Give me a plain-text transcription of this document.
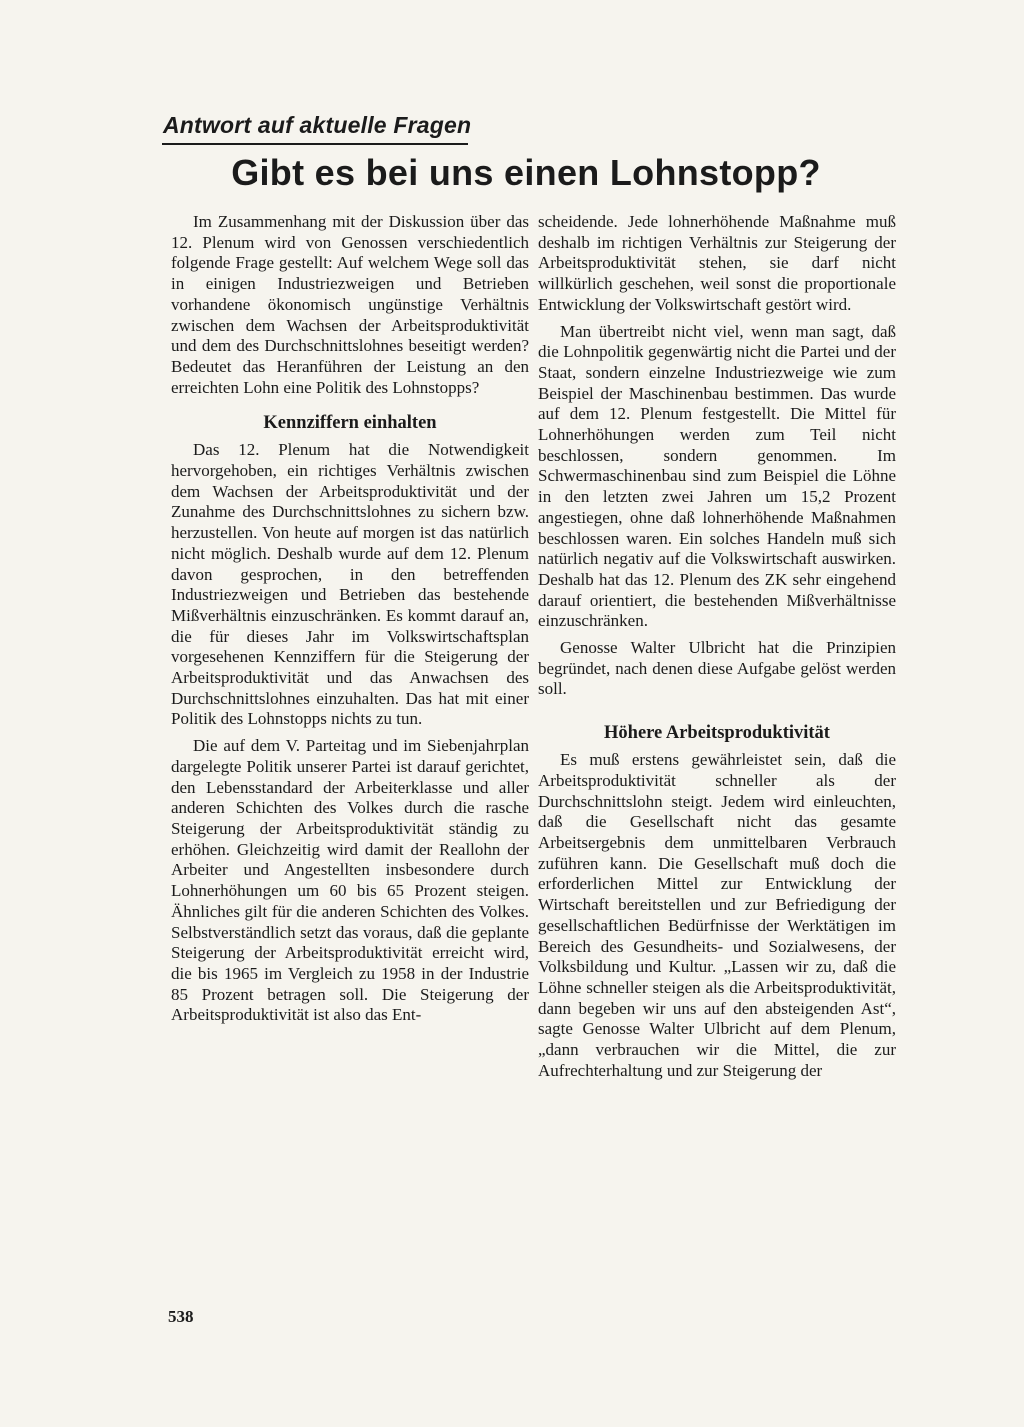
Antwort auf aktuelle Fragen
Gibt es bei uns einen Lohnstopp?

Im Zusammenhang mit der Diskussion über das 12. Plenum wird von Genossen verschiedentlich folgende Frage gestellt: Auf welchem Wege soll das in einigen Industriezweigen und Betrieben vorhandene ökonomisch ungünstige Verhältnis zwischen dem Wachsen der Arbeitsproduktivität und dem des Durchschnittslohnes beseitigt werden? Bedeutet das Heranführen der Leistung an den erreichten Lohn eine Politik des Lohnstopps?

Kennziffern einhalten

Das 12. Plenum hat die Notwendigkeit hervorgehoben, ein richtiges Verhältnis zwischen dem Wachsen der Arbeitsproduktivität und der Zunahme des Durchschnittslohnes zu sichern bzw. herzustellen. Von heute auf morgen ist das natürlich nicht möglich. Deshalb wurde auf dem 12. Plenum davon gesprochen, in den betreffenden Industriezweigen und Betrieben das bestehende Mißverhältnis einzuschränken. Es kommt darauf an, die für dieses Jahr im Volkswirtschaftsplan vorgesehenen Kennziffern für die Steigerung der Arbeitsproduktivität und das Anwachsen des Durchschnittslohnes einzuhalten. Das hat mit einer Politik des Lohnstopps nichts zu tun.

Die auf dem V. Parteitag und im Siebenjahrplan dargelegte Politik unserer Partei ist darauf gerichtet, den Lebensstandard der Arbeiterklasse und aller anderen Schichten des Volkes durch die rasche Steigerung der Arbeitsproduktivität ständig zu erhöhen. Gleichzeitig wird damit der Reallohn der Arbeiter und Angestellten insbesondere durch Lohnerhöhungen um 60 bis 65 Prozent steigen. Ähnliches gilt für die anderen Schichten des Volkes. Selbstverständlich setzt das voraus, daß die geplante Steigerung der Arbeitsproduktivität erreicht wird, die bis 1965 im Vergleich zu 1958 in der Industrie 85 Prozent betragen soll. Die Steigerung der Arbeitsproduktivität ist also das Ent-

scheidende. Jede lohnerhöhende Maßnahme muß deshalb im richtigen Verhältnis zur Steigerung der Arbeitsproduktivität stehen, sie darf nicht willkürlich geschehen, weil sonst die proportionale Entwicklung der Volkswirtschaft gestört wird.

Man übertreibt nicht viel, wenn man sagt, daß die Lohnpolitik gegenwärtig nicht die Partei und der Staat, sondern einzelne Industriezweige wie zum Beispiel der Maschinenbau bestimmen. Das wurde auf dem 12. Plenum festgestellt. Die Mittel für Lohnerhöhungen werden zum Teil nicht beschlossen, sondern genommen. Im Schwermaschinenbau sind zum Beispiel die Löhne in den letzten zwei Jahren um 15,2 Prozent angestiegen, ohne daß lohnerhöhende Maßnahmen beschlossen waren. Ein solches Handeln muß sich natürlich negativ auf die Volkswirtschaft auswirken. Deshalb hat das 12. Plenum des ZK sehr eingehend darauf orientiert, die bestehenden Mißverhältnisse einzuschränken.

Genosse Walter Ulbricht hat die Prinzipien begründet, nach denen diese Aufgabe gelöst werden soll.

Höhere Arbeitsproduktivität

Es muß erstens gewährleistet sein, daß die Arbeitsproduktivität schneller als der Durchschnittslohn steigt. Jedem wird einleuchten, daß die Gesellschaft nicht das gesamte Arbeitsergebnis dem unmittelbaren Verbrauch zuführen kann. Die Gesellschaft muß doch die erforderlichen Mittel zur Entwicklung der Wirtschaft bereitstellen und zur Befriedigung der gesellschaftlichen Bedürfnisse der Werktätigen im Bereich des Gesundheits- und Sozialwesens, der Volksbildung und Kultur. „Lassen wir zu, daß die Löhne schneller steigen als die Arbeitsproduktivität, dann begeben wir uns auf den absteigenden Ast“, sagte Genosse Walter Ulbricht auf dem Plenum, „dann verbrauchen wir die Mittel, die zur Aufrechterhaltung und zur Steigerung der

538
